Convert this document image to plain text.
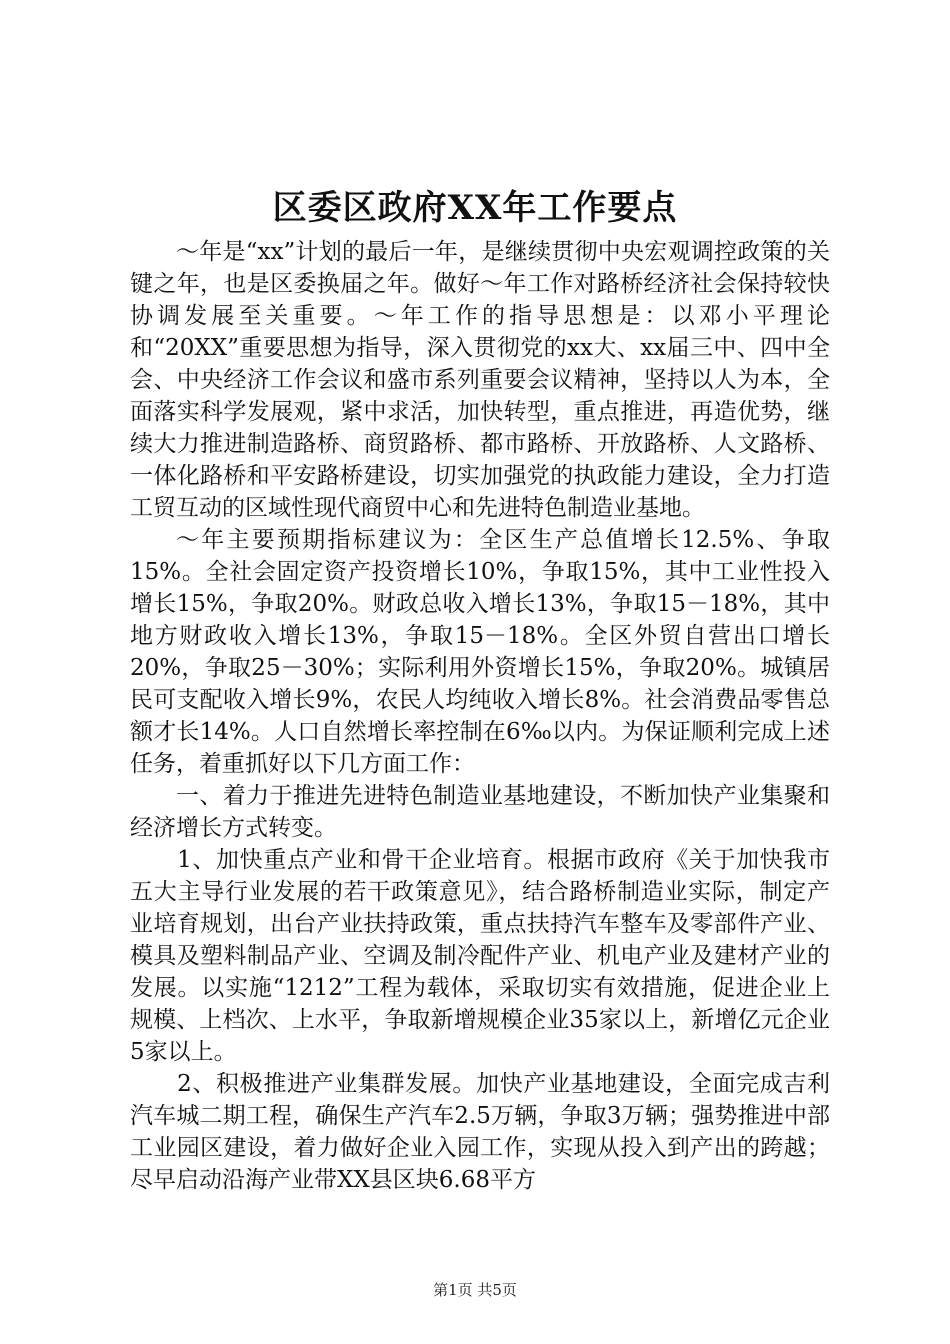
区委区政府XX年工作要点

～年是“xx”计划的最后一年，是继续贯彻中央宏观调控政策的关键之年，也是区委换届之年。做好～年工作对路桥经济社会保持较快协调发展至关重要。～年工作的指导思想是：以邓小平理论和“20XX”重要思想为指导，深入贯彻党的xx大、xx届三中、四中全会、中央经济工作会议和盛市系列重要会议精神，坚持以人为本，全面落实科学发展观，紧中求活，加快转型，重点推进，再造优势，继续大力推进制造路桥、商贸路桥、都市路桥、开放路桥、人文路桥、一体化路桥和平安路桥建设，切实加强党的执政能力建设，全力打造工贸互动的区域性现代商贸中心和先进特色制造业基地。

～年主要预期指标建议为：全区生产总值增长12.5%、争取15%。全社会固定资产投资增长10%，争取15%，其中工业性投入增长15%，争取20%。财政总收入增长13%，争取15－18%，其中地方财政收入增长13%，争取15－18%。全区外贸自营出口增长20%，争取25－30%；实际利用外资增长15%，争取20%。城镇居民可支配收入增长9%，农民人均纯收入增长8%。社会消费品零售总额才长14%。人口自然增长率控制在6‰以内。为保证顺利完成上述任务，着重抓好以下几方面工作：

一、着力于推进先进特色制造业基地建设，不断加快产业集聚和经济增长方式转变。

1、加快重点产业和骨干企业培育。根据市政府《关于加快我市五大主导行业发展的若干政策意见》，结合路桥制造业实际，制定产业培育规划，出台产业扶持政策，重点扶持汽车整车及零部件产业、模具及塑料制品产业、空调及制冷配件产业、机电产业及建材产业的发展。以实施“1212”工程为载体，采取切实有效措施，促进企业上规模、上档次、上水平，争取新增规模企业35家以上，新增亿元企业5家以上。

2、积极推进产业集群发展。加快产业基地建设，全面完成吉利汽车城二期工程，确保生产汽车2.5万辆，争取3万辆；强势推进中部工业园区建设，着力做好企业入园工作，实现从投入到产出的跨越；尽早启动沿海产业带XX县区块6.68平方

第1页 共5页
